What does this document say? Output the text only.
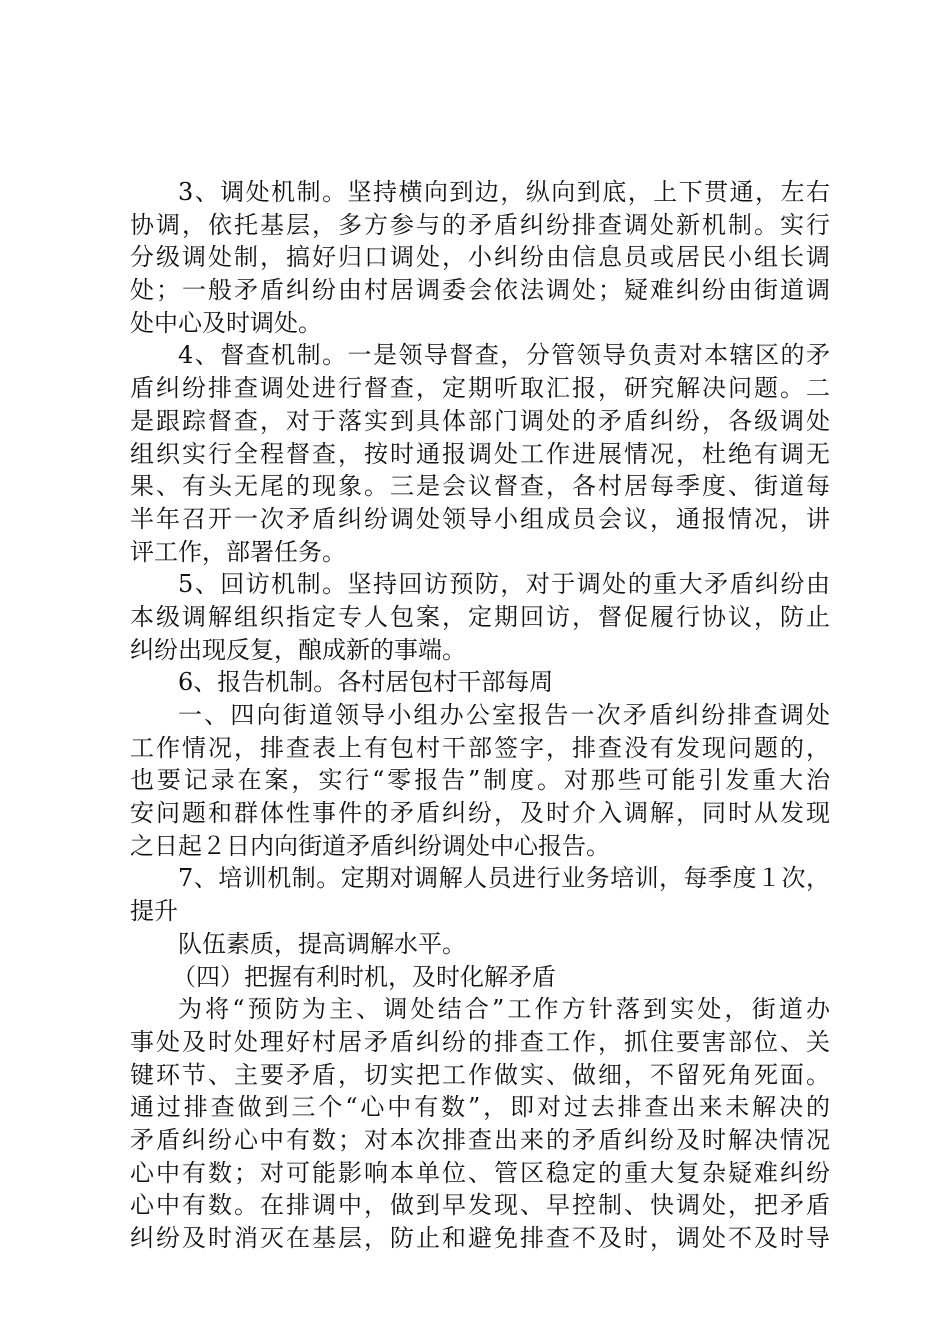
3、调处机制。坚持横向到边，纵向到底，上下贯通，左右
协调，依托基层，多方参与的矛盾纠纷排查调处新机制。实行
分级调处制，搞好归口调处，小纠纷由信息员或居民小组长调
处；一般矛盾纠纷由村居调委会依法调处；疑难纠纷由街道调
处中心及时调处。
4、督查机制。一是领导督查，分管领导负责对本辖区的矛
盾纠纷排查调处进行督查，定期听取汇报，研究解决问题。二
是跟踪督查，对于落实到具体部门调处的矛盾纠纷，各级调处
组织实行全程督查，按时通报调处工作进展情况，杜绝有调无
果、有头无尾的现象。三是会议督查，各村居每季度、街道每
半年召开一次矛盾纠纷调处领导小组成员会议，通报情况，讲
评工作，部署任务。
5、回访机制。坚持回访预防，对于调处的重大矛盾纠纷由
本级调解组织指定专人包案，定期回访，督促履行协议，防止
纠纷出现反复，酿成新的事端。
6、报告机制。各村居包村干部每周
一、四向街道领导小组办公室报告一次矛盾纠纷排查调处
工作情况，排查表上有包村干部签字，排查没有发现问题的，
也要记录在案，实行“零报告”制度。对那些可能引发重大治
安问题和群体性事件的矛盾纠纷，及时介入调解，同时从发现
之日起２日内向街道矛盾纠纷调处中心报告。
7、培训机制。定期对调解人员进行业务培训，每季度１次，
提升
队伍素质，提高调解水平。
（四）把握有利时机，及时化解矛盾
为将“预防为主、调处结合”工作方针落到实处，街道办
事处及时处理好村居矛盾纠纷的排查工作，抓住要害部位、关
键环节、主要矛盾，切实把工作做实、做细，不留死角死面。
通过排查做到三个“心中有数”，即对过去排查出来未解决的
矛盾纠纷心中有数；对本次排查出来的矛盾纠纷及时解决情况
心中有数；对可能影响本单位、管区稳定的重大复杂疑难纠纷
心中有数。在排调中，做到早发现、早控制、快调处，把矛盾
纠纷及时消灭在基层，防止和避免排查不及时，调处不及时导
